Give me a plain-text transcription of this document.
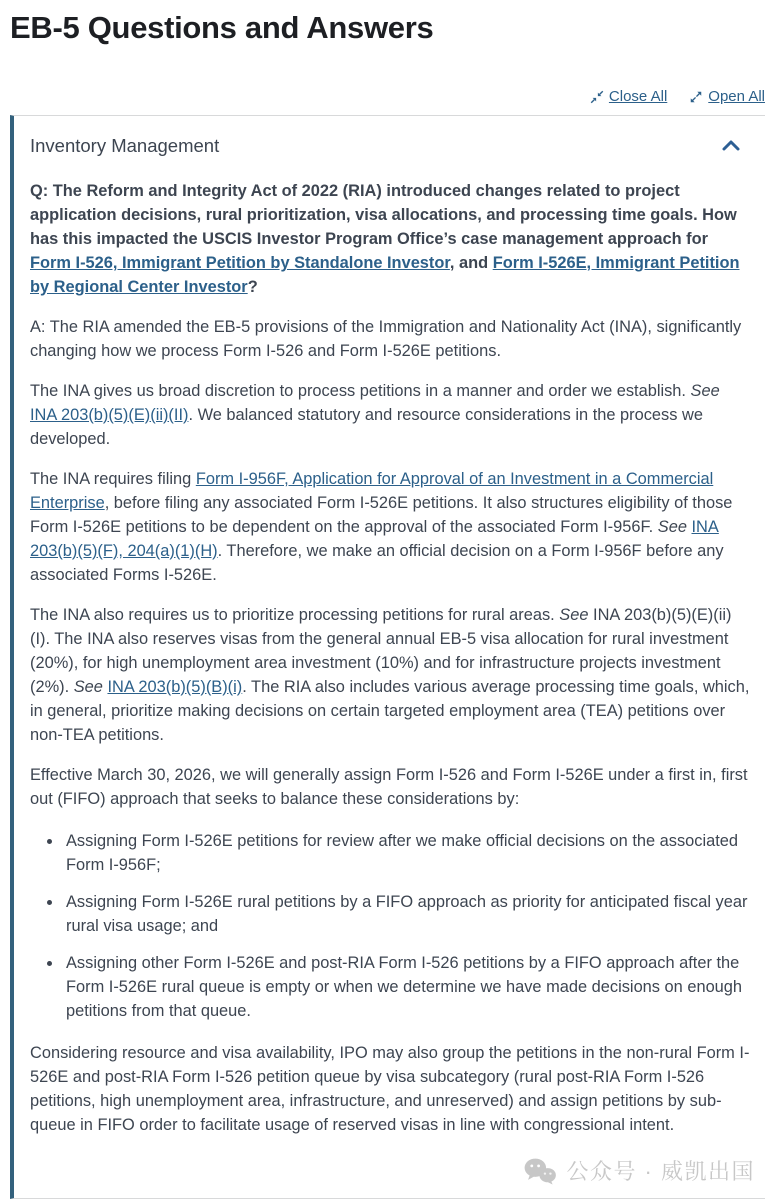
EB-5 Questions and Answers
Close All	Open All
Inventory Management

Q: The Reform and Integrity Act of 2022 (RIA) introduced changes related to project application decisions, rural prioritization, visa allocations, and processing time goals. How has this impacted the USCIS Investor Program Office’s case management approach for Form I-526, Immigrant Petition by Standalone Investor, and Form I-526E, Immigrant Petition by Regional Center Investor?

A: The RIA amended the EB-5 provisions of the Immigration and Nationality Act (INA), significantly changing how we process Form I-526 and Form I-526E petitions.

The INA gives us broad discretion to process petitions in a manner and order we establish. See INA 203(b)(5)(E)(ii)(II). We balanced statutory and resource considerations in the process we developed.

The INA requires filing Form I-956F, Application for Approval of an Investment in a Commercial Enterprise, before filing any associated Form I-526E petitions. It also structures eligibility of those Form I-526E petitions to be dependent on the approval of the associated Form I-956F. See INA 203(b)(5)(F), 204(a)(1)(H). Therefore, we make an official decision on a Form I-956F before any associated Forms I-526E.

The INA also requires us to prioritize processing petitions for rural areas. See INA 203(b)(5)(E)(ii)(I). The INA also reserves visas from the general annual EB-5 visa allocation for rural investment (20%), for high unemployment area investment (10%) and for infrastructure projects investment (2%). See INA 203(b)(5)(B)(i). The RIA also includes various average processing time goals, which, in general, prioritize making decisions on certain targeted employment area (TEA) petitions over non-TEA petitions.

Effective March 30, 2026, we will generally assign Form I-526 and Form I-526E under a first in, first out (FIFO) approach that seeks to balance these considerations by:

• Assigning Form I-526E petitions for review after we make official decisions on the associated Form I-956F;
• Assigning Form I-526E rural petitions by a FIFO approach as priority for anticipated fiscal year rural visa usage; and
• Assigning other Form I-526E and post-RIA Form I-526 petitions by a FIFO approach after the Form I-526E rural queue is empty or when we determine we have made decisions on enough petitions from that queue.

Considering resource and visa availability, IPO may also group the petitions in the non-rural Form I-526E and post-RIA Form I-526 petition queue by visa subcategory (rural post-RIA Form I-526 petitions, high unemployment area, infrastructure, and unreserved) and assign petitions by sub-queue in FIFO order to facilitate usage of reserved visas in line with congressional intent.

公众号 · 威凯出国
